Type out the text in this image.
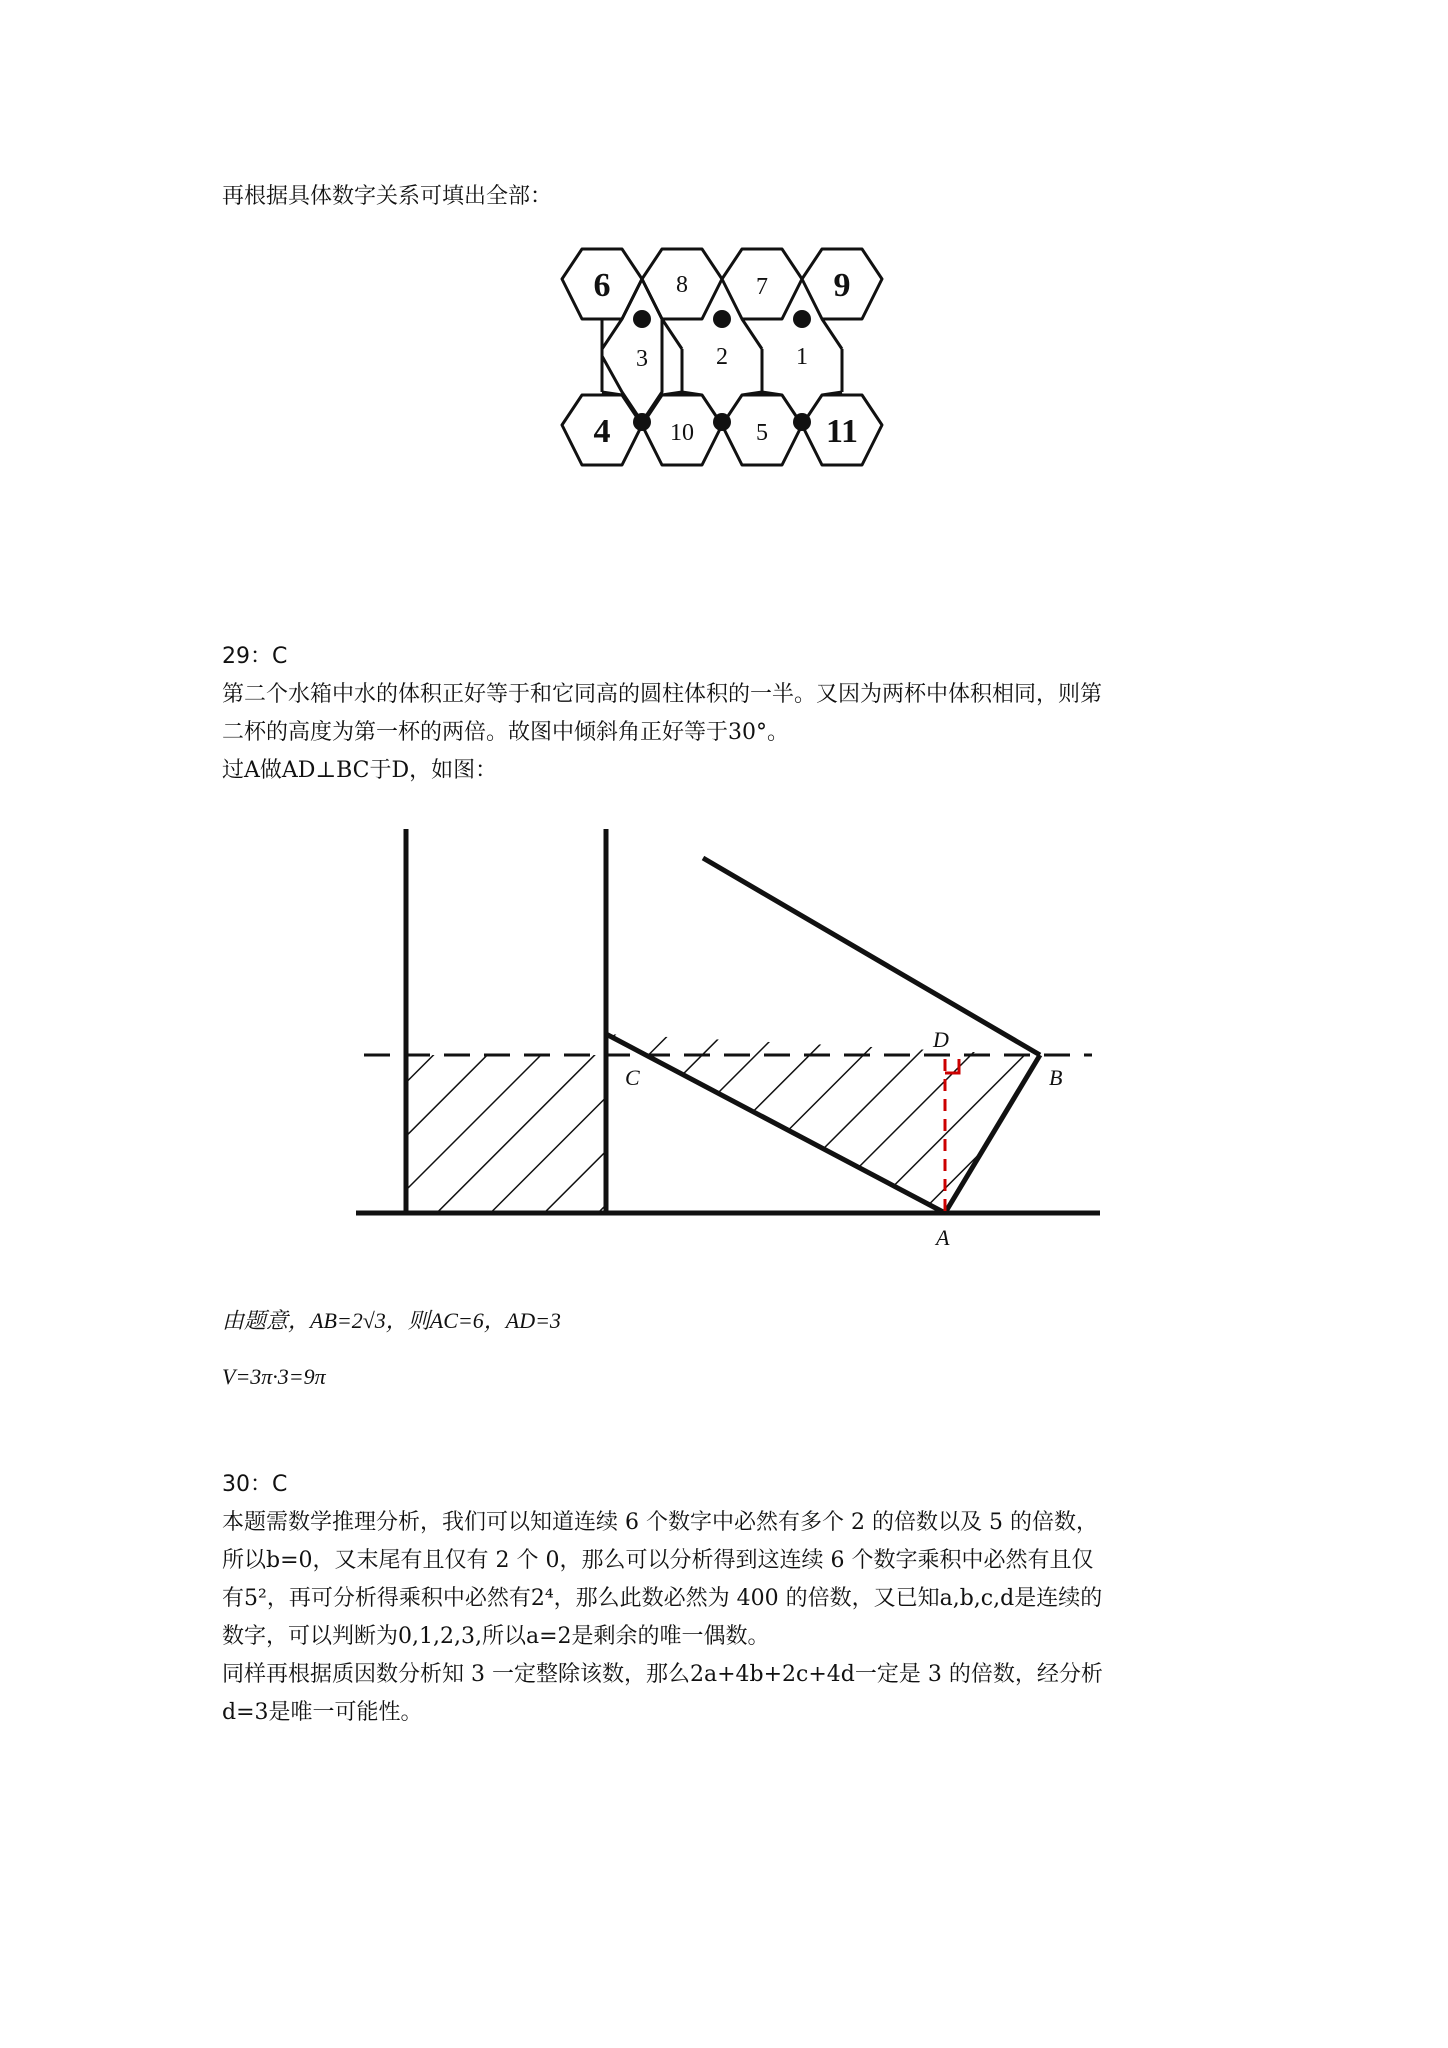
再根据具体数字关系可填出全部：
6	8	7 9
3	2	1
4 10	5 11
29：C
第二个水箱中水的体积正好等于和它同高的圆柱体积的一半。又因为两杯中体积相同，则第
二杯的高度为第一杯的两倍。故图中倾斜角正好等于30°。
过A做AD⊥BC于D，如图：
D
C	B
A
由题意，AB=2√3，则AC=6，AD=3
V=3π·3=9π
30：C
本题需数学推理分析，我们可以知道连续 6 个数字中必然有多个 2 的倍数以及 5 的倍数，
所以b=0，又末尾有且仅有 2 个 0，那么可以分析得到这连续 6 个数字乘积中必然有且仅
有5²，再可分析得乘积中必然有2⁴，那么此数必然为 400 的倍数，又已知a,b,c,d是连续的
数字，可以判断为0,1,2,3,所以a=2是剩余的唯一偶数。
同样再根据质因数分析知 3 一定整除该数，那么2a+4b+2c+4d一定是 3 的倍数，经分析
d=3是唯一可能性。
